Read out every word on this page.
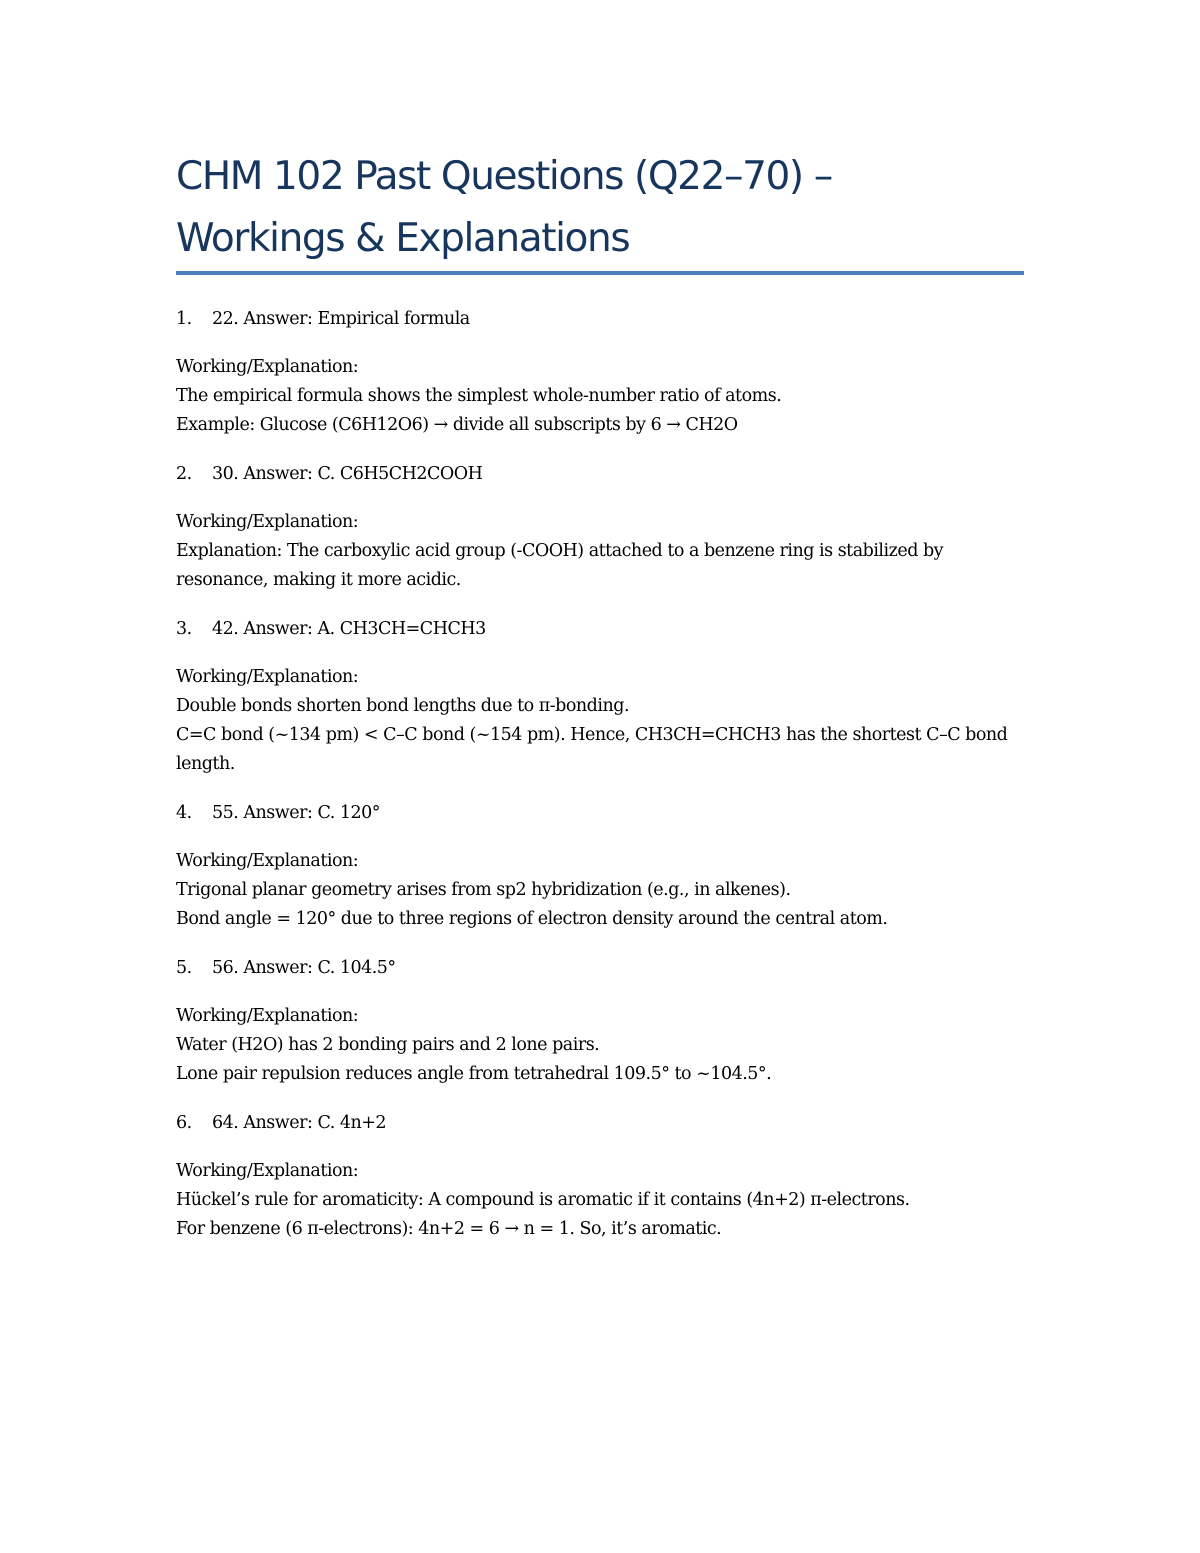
CHM 102 Past Questions (Q22–70) –
Workings & Explanations
1.	22. Answer: Empirical formula

Working/Explanation:

The empirical formula shows the simplest whole-number ratio of atoms.

Example: Glucose (C6H12O6) → divide all subscripts by 6 → CH2O

2.	30. Answer: C. C6H5CH2COOH

Working/Explanation:

Explanation: The carboxylic acid group (-COOH) attached to a benzene ring is stabilized by resonance, making it more acidic.

3.	42. Answer: A. CH3CH=CHCH3

Working/Explanation:

Double bonds shorten bond lengths due to π-bonding.

C=C bond (~134 pm) < C–C bond (~154 pm). Hence, CH3CH=CHCH3 has the shortest C–C bond length.

4.	55. Answer: C. 120°

Working/Explanation:

Trigonal planar geometry arises from sp2 hybridization (e.g., in alkenes).

Bond angle = 120° due to three regions of electron density around the central atom.

5.	56. Answer: C. 104.5°

Working/Explanation:

Water (H2O) has 2 bonding pairs and 2 lone pairs.

Lone pair repulsion reduces angle from tetrahedral 109.5° to ~104.5°.

6.	64. Answer: C. 4n+2

Working/Explanation:

Hückel’s rule for aromaticity: A compound is aromatic if it contains (4n+2) π-electrons.

For benzene (6 π-electrons): 4n+2 = 6 → n = 1. So, it’s aromatic.
